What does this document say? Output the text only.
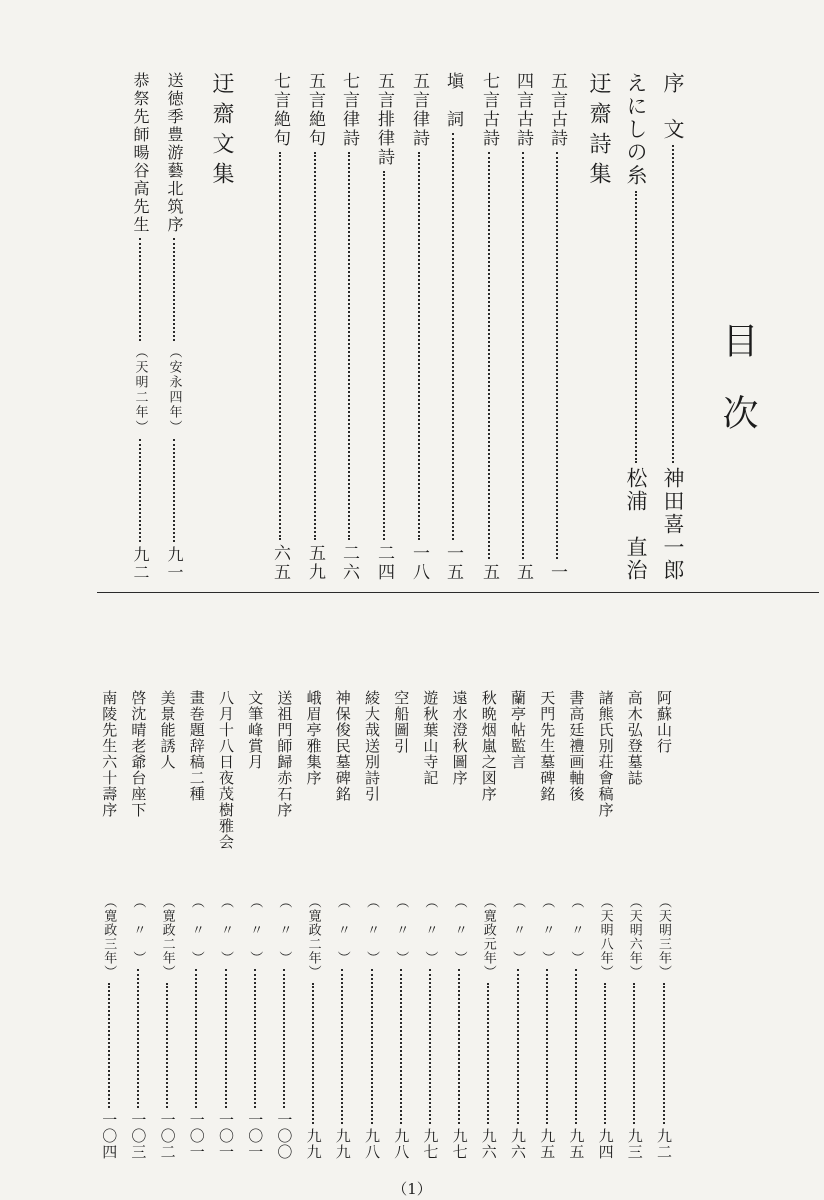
目次
序　文
神田喜一郎
えにしの糸
松浦　直治
迂齋詩集
五言古詩
一
四言古詩
五
七言古詩
五
塡　詞
一五
五言律詩
一八
五言排律詩
二四
七言律詩
二六
五言絶句
五九
七言絶句
六五
迂齋文集
送徳季豊游藝北筑序
（安永四年）
九一
恭祭先師暘谷高先生
（天明二年）
九二
阿蘇山行
（天明三年）
九二
高木弘登墓誌
（天明六年）
九三
諸熊氏別荘會稿序
（天明八年）
九四
書高廷禮画軸後
（　〃　）
九五
天門先生墓碑銘
（　〃　）
九五
蘭亭帖監言
（　〃　）
九六
秋晩烟嵐之図序
（寛政元年）
九六
遠水澄秋圖序
（　〃　）
九七
遊秋葉山寺記
（　〃　）
九七
空船圖引
（　〃　）
九八
綾大哉送別詩引
（　〃　）
九八
神保俊民墓碑銘
（　〃　）
九九
峨眉亭雅集序
（寛政二年）
九九
送祖門師歸赤石序
（　〃　）
一〇〇
文筆峰賞月
（　〃　）
一〇一
八月十八日夜茂樹雅会
（　〃　）
一〇一
畫巻題辞稿二種
（　〃　）
一〇一
美景能誘人
（寛政二年）
一〇二
啓沈晴老爺台座下
（　〃　）
一〇三
南陵先生六十壽序
（寛政三年）
一〇四
（1）
